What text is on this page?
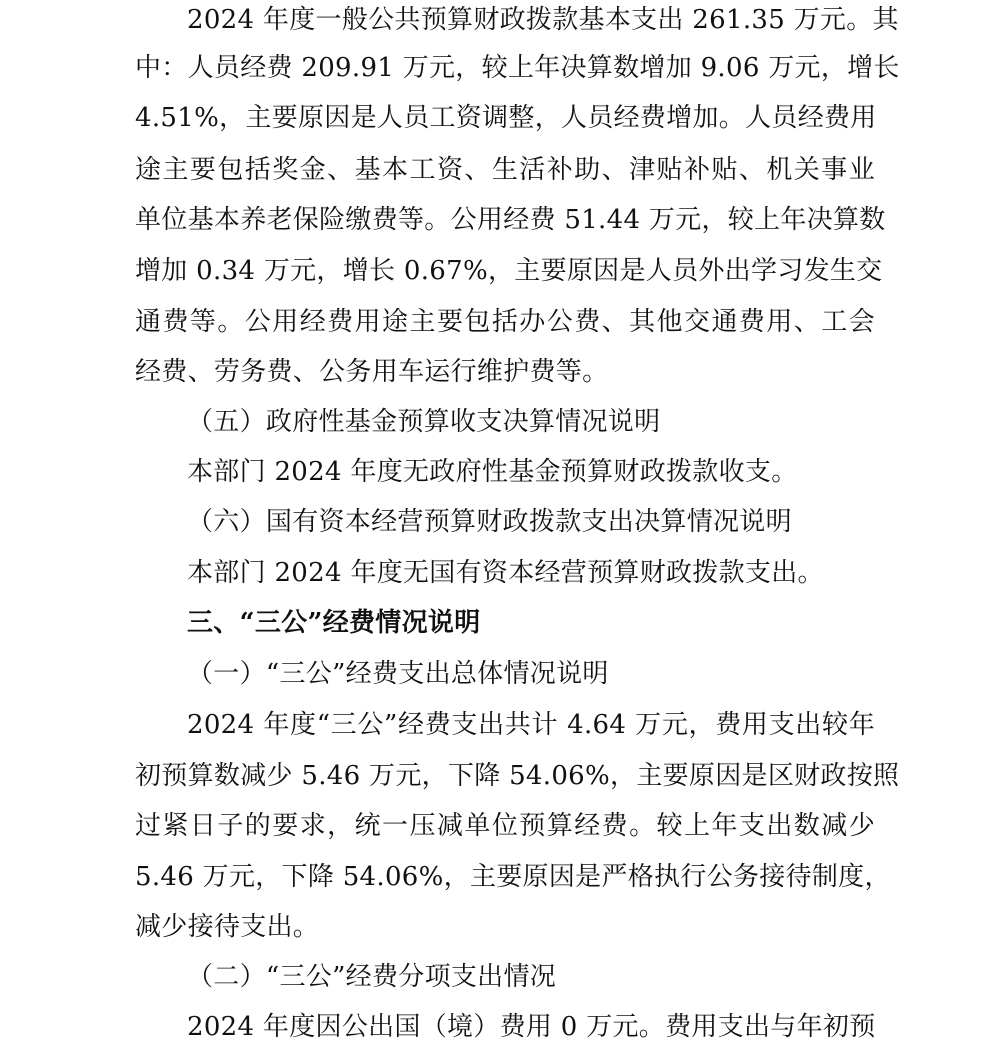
2024 年度一般公共预算财政拨款基本支出 261.35 万元。其
中：人员经费 209.91 万元，较上年决算数增加 9.06 万元，增长
4.51%，主要原因是人员工资调整，人员经费增加。人员经费用
途主要包括奖金、基本工资、生活补助、津贴补贴、机关事业
单位基本养老保险缴费等。公用经费 51.44 万元，较上年决算数
增加 0.34 万元，增长 0.67%，主要原因是人员外出学习发生交
通费等。公用经费用途主要包括办公费、其他交通费用、工会
经费、劳务费、公务用车运行维护费等。
（五）政府性基金预算收支决算情况说明
本部门 2024 年度无政府性基金预算财政拨款收支。
（六）国有资本经营预算财政拨款支出决算情况说明
本部门 2024 年度无国有资本经营预算财政拨款支出。
三、“三公”经费情况说明
（一）“三公”经费支出总体情况说明
2024 年度“三公”经费支出共计 4.64 万元，费用支出较年
初预算数减少 5.46 万元，下降 54.06%，主要原因是区财政按照
过紧日子的要求，统一压减单位预算经费。较上年支出数减少
5.46 万元，下降 54.06%，主要原因是严格执行公务接待制度，
减少接待支出。
（二）“三公”经费分项支出情况
2024 年度因公出国（境）费用 0 万元。费用支出与年初预
